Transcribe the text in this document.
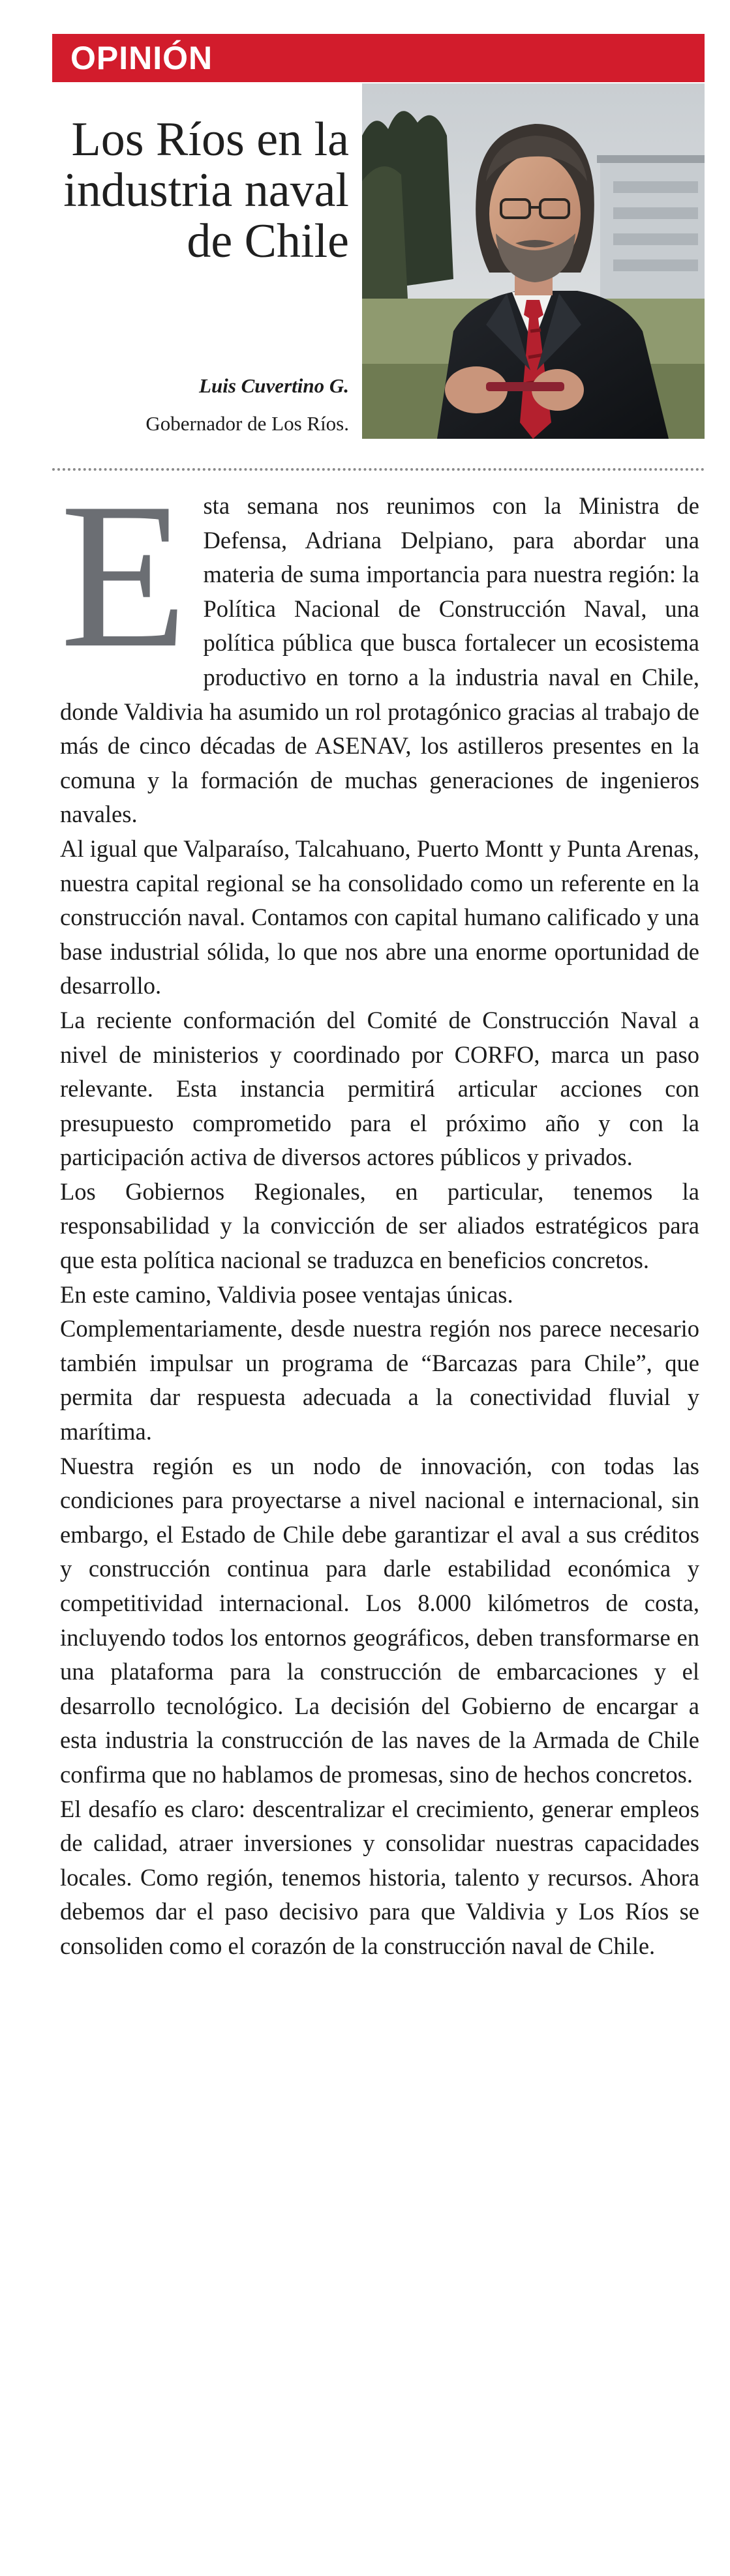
OPINIÓN
Los Ríos en la industria naval de Chile
Luis Cuvertino G.
Gobernador de Los Ríos.
E sta semana nos reunimos con la Ministra de Defensa, Adriana Delpiano, para abordar una materia de suma importancia para nuestra región: la Política Nacional de Construcción Naval, una política pública que busca fortalecer un ecosistema productivo en torno a la industria naval en Chile, donde Valdivia ha asumido un rol protagónico gracias al trabajo de más de cinco décadas de ASENAV, los astilleros presentes en la comuna y la formación de muchas generaciones de ingenieros navales.

Al igual que Valparaíso, Talcahuano, Puerto Montt y Punta Arenas, nuestra capital regional se ha consolidado como un referente en la construcción naval. Contamos con capital humano calificado y una base industrial sólida, lo que nos abre una enorme oportunidad de desarrollo.

La reciente conformación del Comité de Construcción Naval a nivel de ministerios y coordinado por CORFO, marca un paso relevante. Esta instancia permitirá articular acciones con presupuesto comprometido para el próximo año y con la participación activa de diversos actores públicos y privados.

Los Gobiernos Regionales, en particular, tenemos la responsabilidad y la convicción de ser aliados estratégicos para que esta política nacional se traduzca en beneficios concretos.

En este camino, Valdivia posee ventajas únicas.

Complementariamente, desde nuestra región nos parece necesario también impulsar un programa de “Barcazas para Chile”, que permita dar respuesta adecuada a la conectividad fluvial y marítima.

Nuestra región es un nodo de innovación, con todas las condiciones para proyectarse a nivel nacional e internacional, sin embargo, el Estado de Chile debe garantizar el aval a sus créditos y construcción continua para darle estabilidad económica y competitividad internacional. Los 8.000 kilómetros de costa, incluyendo todos los entornos geográficos, deben transformarse en una plataforma para la construcción de embarcaciones y el desarrollo tecnológico. La decisión del Gobierno de encargar a esta industria la construcción de las naves de la Armada de Chile confirma que no hablamos de promesas, sino de hechos concretos.

El desafío es claro: descentralizar el crecimiento, generar empleos de calidad, atraer inversiones y consolidar nuestras capacidades locales. Como región, tenemos historia, talento y recursos. Ahora debemos dar el paso decisivo para que Valdivia y Los Ríos se consoliden como el corazón de la construcción naval de Chile.
